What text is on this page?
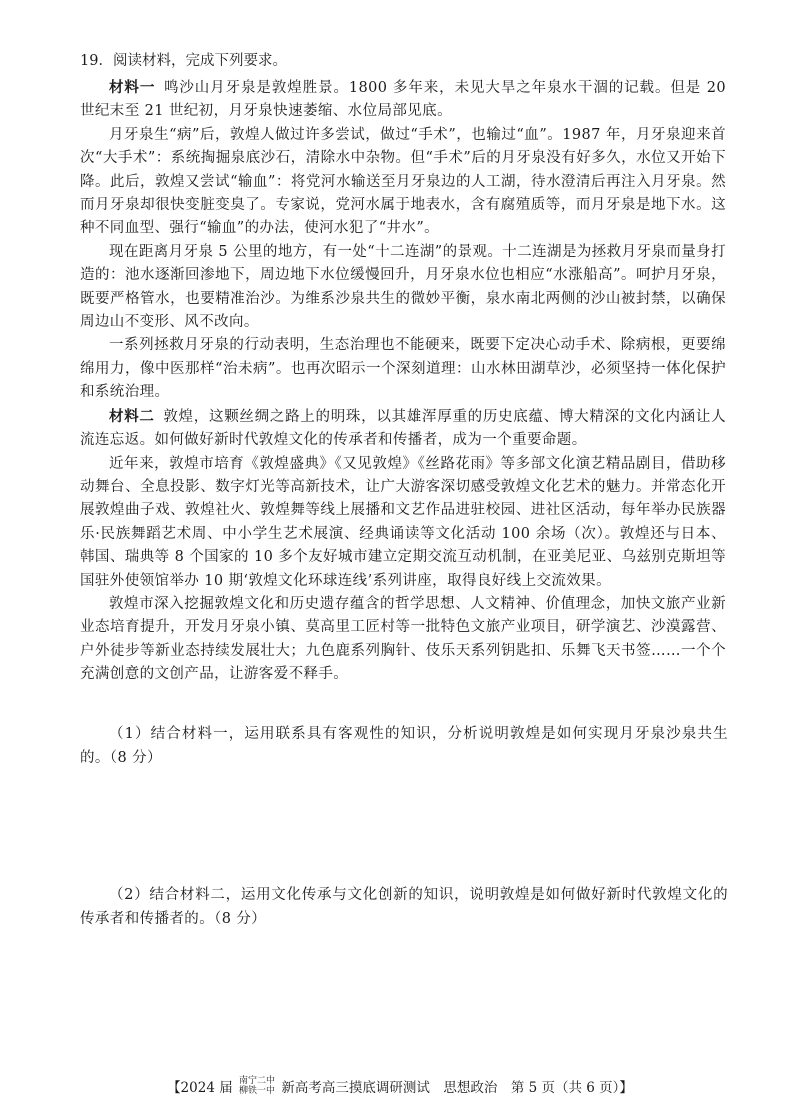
19．阅读材料，完成下列要求。

材料一 鸣沙山月牙泉是敦煌胜景。1800 多年来，未见大旱之年泉水干涸的记载。但是 20 世纪末至 21 世纪初，月牙泉快速萎缩、水位局部见底。

月牙泉生“病”后，敦煌人做过许多尝试，做过“手术”，也输过“血”。1987 年，月牙泉迎来首次“大手术”：系统掏掘泉底沙石，清除水中杂物。但“手术”后的月牙泉没有好多久，水位又开始下降。此后，敦煌又尝试“输血”：将党河水输送至月牙泉边的人工湖，待水澄清后再注入月牙泉。然而月牙泉却很快变脏变臭了。专家说，党河水属于地表水，含有腐殖质等，而月牙泉是地下水。这种不同血型、强行“输血”的办法，使河水犯了“井水”。

现在距离月牙泉 5 公里的地方，有一处“十二连湖”的景观。十二连湖是为拯救月牙泉而量身打造的：池水逐渐回渗地下，周边地下水位缓慢回升，月牙泉水位也相应“水涨船高”。呵护月牙泉，既要严格管水，也要精准治沙。为维系沙泉共生的微妙平衡，泉水南北两侧的沙山被封禁，以确保周边山不变形、风不改向。

一系列拯救月牙泉的行动表明，生态治理也不能硬来，既要下定决心动手术、除病根，更要绵绵用力，像中医那样“治未病”。也再次昭示一个深刻道理：山水林田湖草沙，必须坚持一体化保护和系统治理。

材料二 敦煌，这颗丝绸之路上的明珠，以其雄浑厚重的历史底蕴、博大精深的文化内涵让人流连忘返。如何做好新时代敦煌文化的传承者和传播者，成为一个重要命题。

近年来，敦煌市培育《敦煌盛典》《又见敦煌》《丝路花雨》等多部文化演艺精品剧目，借助移动舞台、全息投影、数字灯光等高新技术，让广大游客深切感受敦煌文化艺术的魅力。并常态化开展敦煌曲子戏、敦煌社火、敦煌舞等线上展播和文艺作品进驻校园、进社区活动，每年举办民族器乐·民族舞蹈艺术周、中小学生艺术展演、经典诵读等文化活动 100 余场（次）。敦煌还与日本、韩国、瑞典等 8 个国家的 10 多个友好城市建立定期交流互动机制，在亚美尼亚、乌兹别克斯坦等国驻外使领馆举办 10 期‘敦煌文化环球连线’系列讲座，取得良好线上交流效果。

敦煌市深入挖掘敦煌文化和历史遗存蕴含的哲学思想、人文精神、价值理念，加快文旅产业新业态培育提升，开发月牙泉小镇、莫高里工匠村等一批特色文旅产业项目，研学演艺、沙漠露营、户外徒步等新业态持续发展壮大；九色鹿系列胸针、伎乐天系列钥匙扣、乐舞飞天书签……一个个充满创意的文创产品，让游客爱不释手。

（1）结合材料一，运用联系具有客观性的知识，分析说明敦煌是如何实现月牙泉沙泉共生的。（8 分）

（2）结合材料二，运用文化传承与文化创新的知识，说明敦煌是如何做好新时代敦煌文化的传承者和传播者的。（8 分）

【2024 届 南宁二中
柳铁一中 新高考高三摸底调研测试　思想政治　第 5 页（共 6 页）】
